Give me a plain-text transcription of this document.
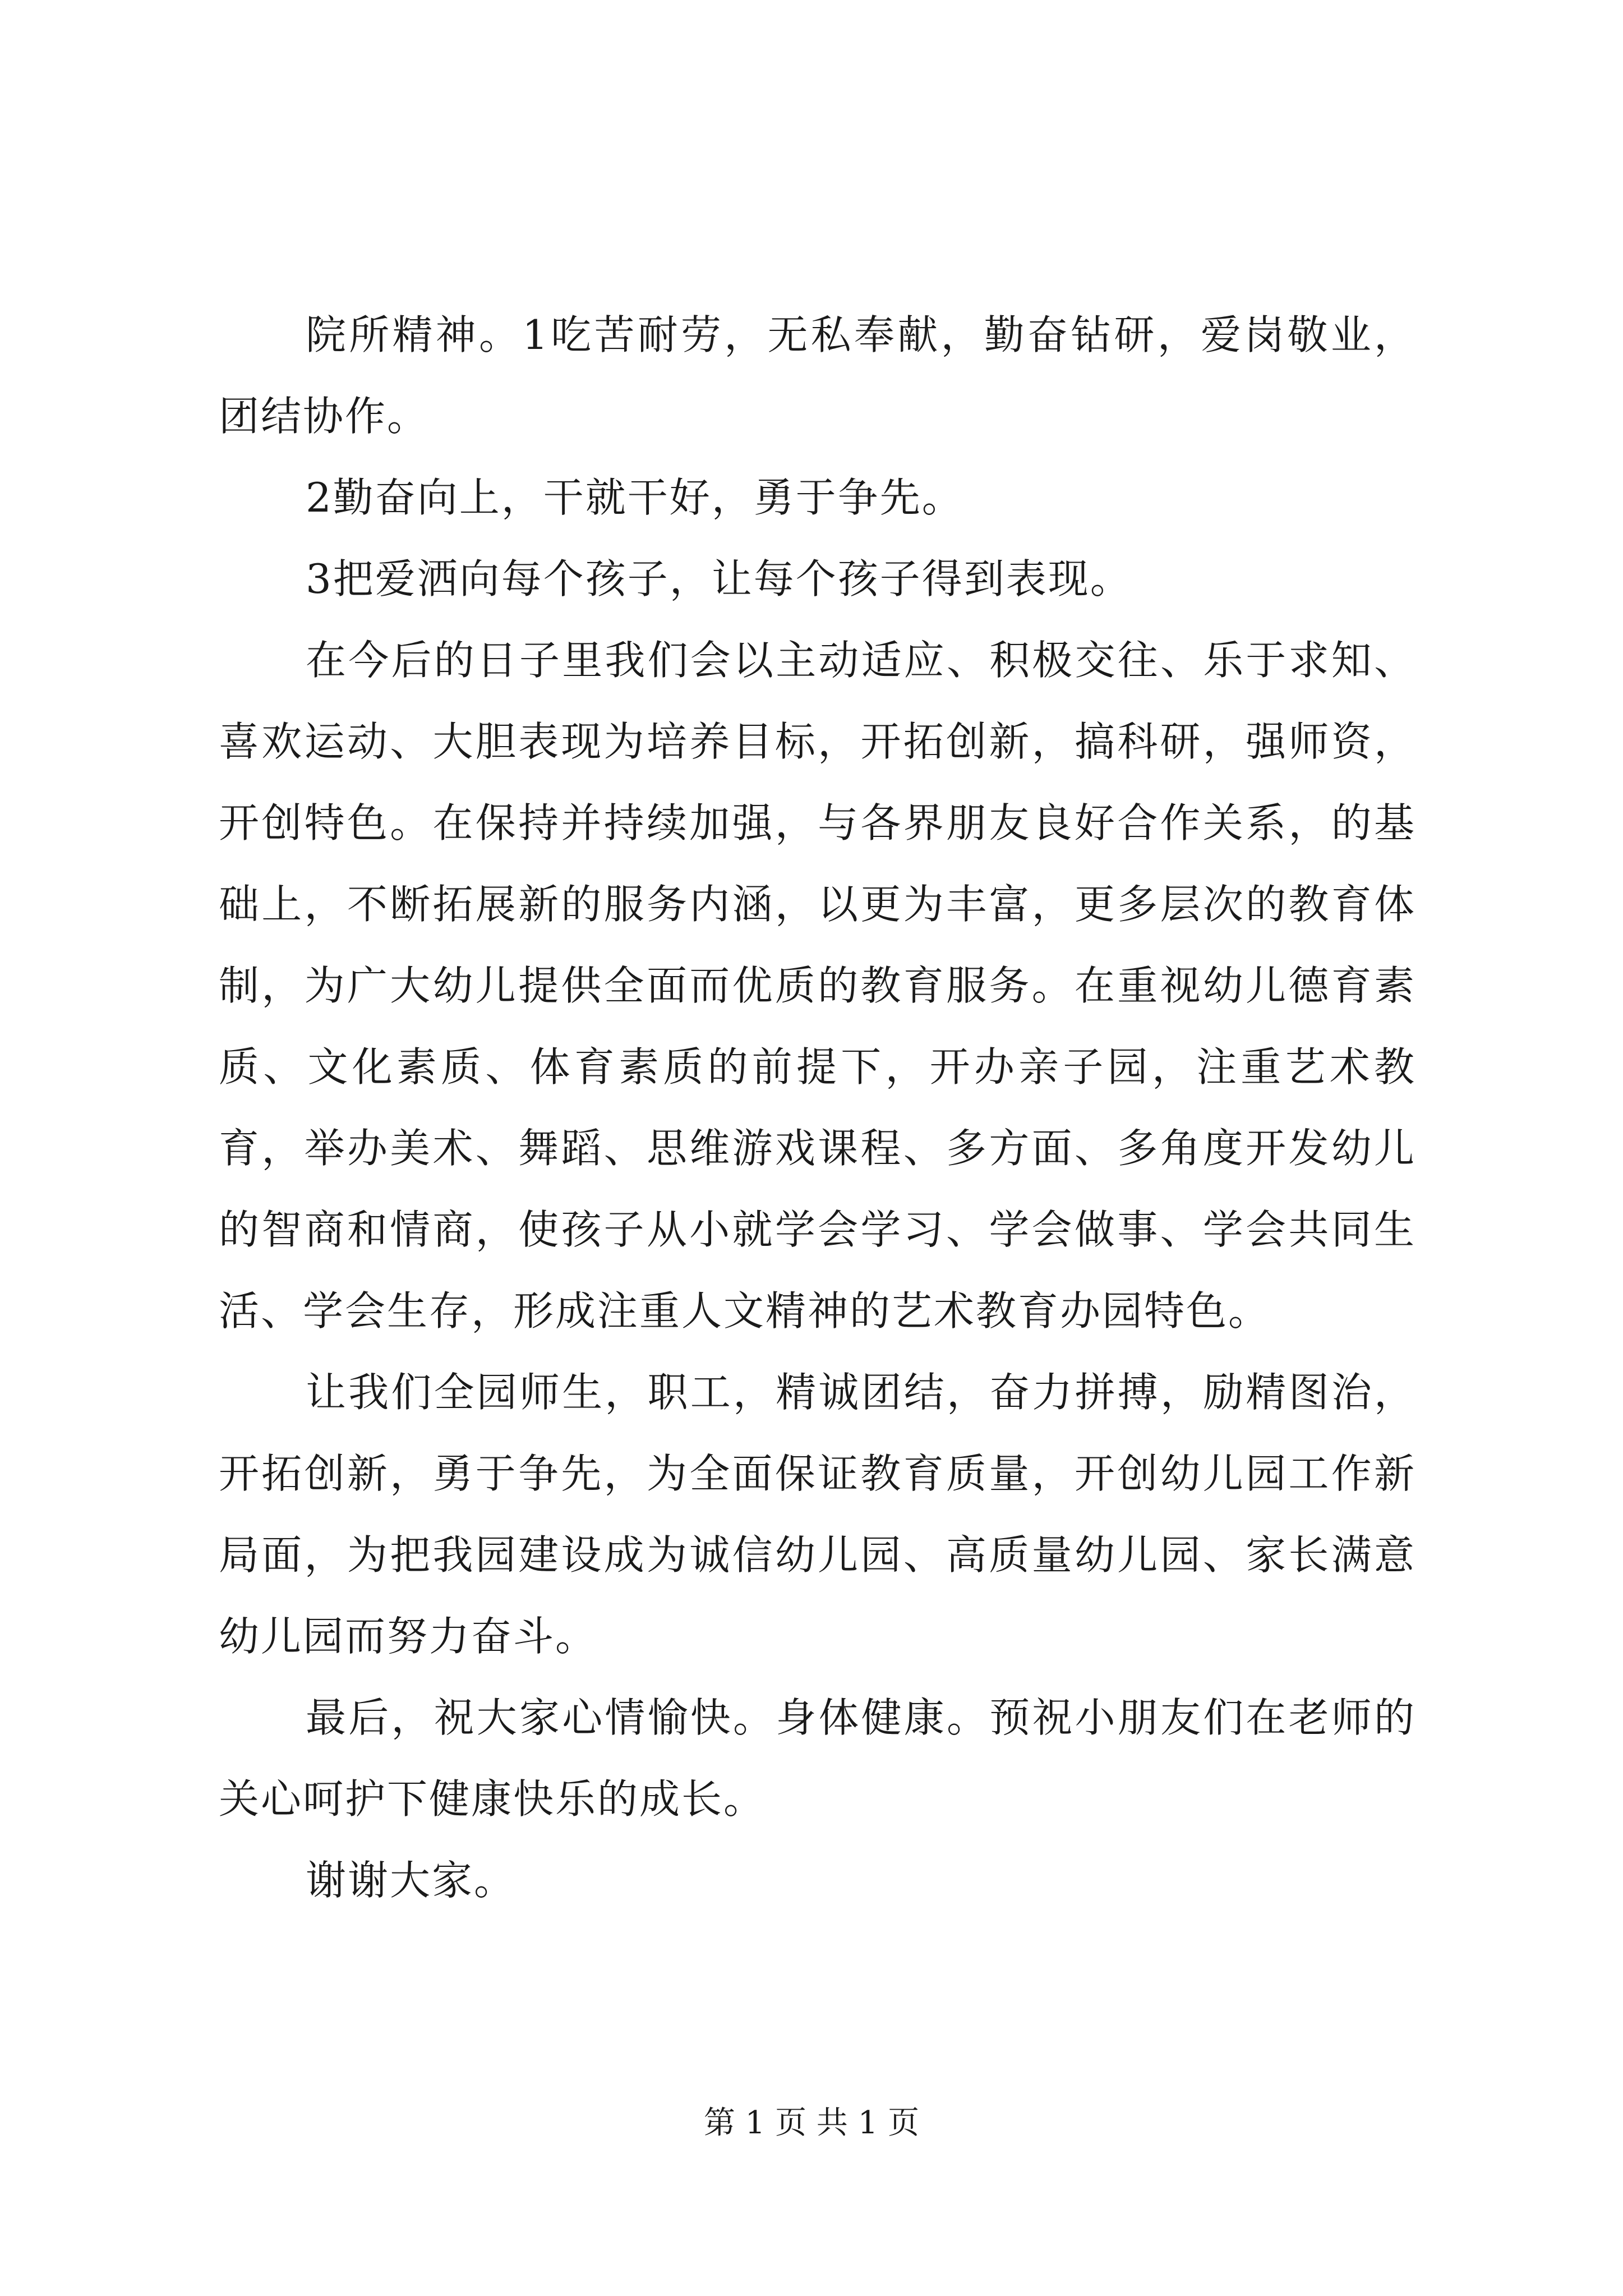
院所精神。1吃苦耐劳，无私奉献，勤奋钻研，爱岗敬业，团结协作。

2勤奋向上，干就干好，勇于争先。

3把爱洒向每个孩子，让每个孩子得到表现。

在今后的日子里我们会以主动适应、积极交往、乐于求知、喜欢运动、大胆表现为培养目标，开拓创新，搞科研，强师资，开创特色。在保持并持续加强，与各界朋友良好合作关系，的基础上，不断拓展新的服务内涵，以更为丰富，更多层次的教育体制，为广大幼儿提供全面而优质的教育服务。在重视幼儿德育素质、文化素质、体育素质的前提下，开办亲子园，注重艺术教育，举办美术、舞蹈、思维游戏课程、多方面、多角度开发幼儿的智商和情商，使孩子从小就学会学习、学会做事、学会共同生活、学会生存，形成注重人文精神的艺术教育办园特色。

让我们全园师生，职工，精诚团结，奋力拼搏，励精图治，开拓创新，勇于争先，为全面保证教育质量，开创幼儿园工作新局面，为把我园建设成为诚信幼儿园、高质量幼儿园、家长满意幼儿园而努力奋斗。

最后，祝大家心情愉快。身体健康。预祝小朋友们在老师的关心呵护下健康快乐的成长。

谢谢大家。

第 1 页 共 1 页
